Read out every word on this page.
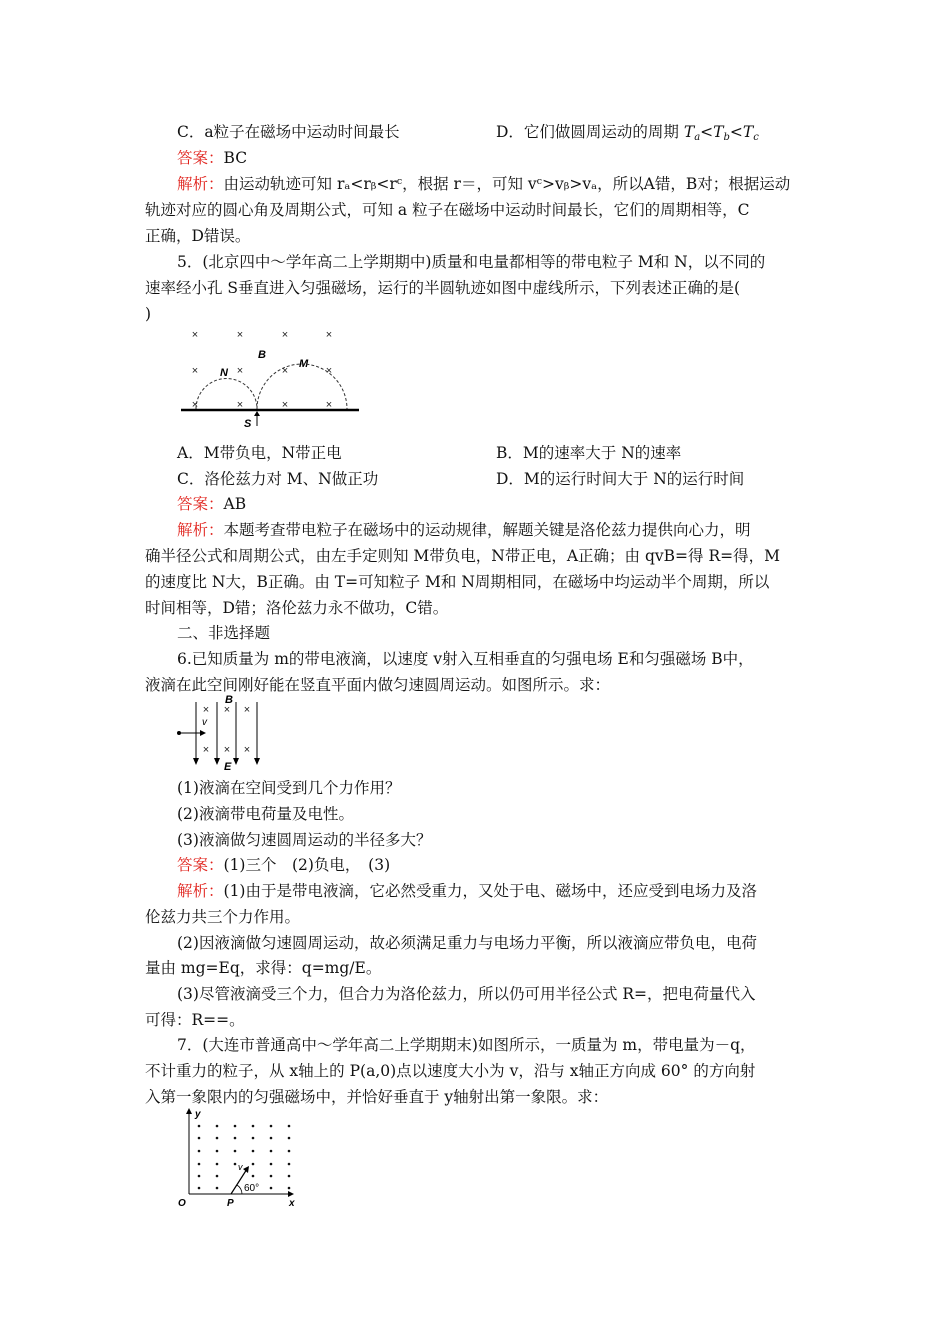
C．a粒子在磁场中运动时间最长	D．它们做圆周运动的周期 $T_a<T_b<T_c$
答案：BC
解析：由运动轨迹可知 rₐ<rᵦ<rᶜ，根据 r＝，可知 vᶜ>vᵦ>vₐ，所以A错，B对；根据运动
轨迹对应的圆心角及周期公式，可知 a 粒子在磁场中运动时间最长，它们的周期相等，C
正确，D错误。
5．(北京四中～学年高二上学期期中)质量和电量都相等的带电粒子 M和 N，以不同的
速率经小孔 S垂直进入匀强磁场，运行的半圆轨迹如图中虚线所示，下列表述正确的是(
)
×	×	×	×
×	×	×	×
×	×	×	×
B
N
M
S
A．M带负电，N带正电	B．M的速率大于 N的速率
C．洛伦兹力对 M、N做正功	D．M的运行时间大于 N的运行时间
答案：AB
解析：本题考查带电粒子在磁场中的运动规律，解题关键是洛伦兹力提供向心力，明
确半径公式和周期公式，由左手定则知 M带负电，N带正电，A正确；由 qvB=得 R=得，M
的速度比 N大，B正确。由 T=可知粒子 M和 N周期相同，在磁场中均运动半个周期，所以
时间相等，D错；洛伦兹力永不做功，C错。
二、非选择题
6.已知质量为 m的带电液滴，以速度 v射入互相垂直的匀强电场 E和匀强磁场 B中，
液滴在此空间刚好能在竖直平面内做匀速圆周运动。如图所示。求：
B
× × ×
× × ×
v
E
(1)液滴在空间受到几个力作用？
(2)液滴带电荷量及电性。
(3)液滴做匀速圆周运动的半径多大？
答案：(1)三个　(2)负电，　(3)
解析：(1)由于是带电液滴，它必然受重力，又处于电、磁场中，还应受到电场力及洛
伦兹力共三个力作用。
(2)因液滴做匀速圆周运动，故必须满足重力与电场力平衡，所以液滴应带负电，电荷
量由 mg=Eq，求得：q=mg/E。
(3)尽管液滴受三个力，但合力为洛伦兹力，所以仍可用半径公式 R=，把电荷量代入
可得：R==。
7．(大连市普通高中～学年高二上学期期末)如图所示，一质量为 m，带电量为－q，
不计重力的粒子，从 x轴上的 P(a,0)点以速度大小为 v，沿与 x轴正方向成 60° 的方向射
入第一象限内的匀强磁场中，并恰好垂直于 y轴射出第一象限。求：
y
x
O
v
60°
P
